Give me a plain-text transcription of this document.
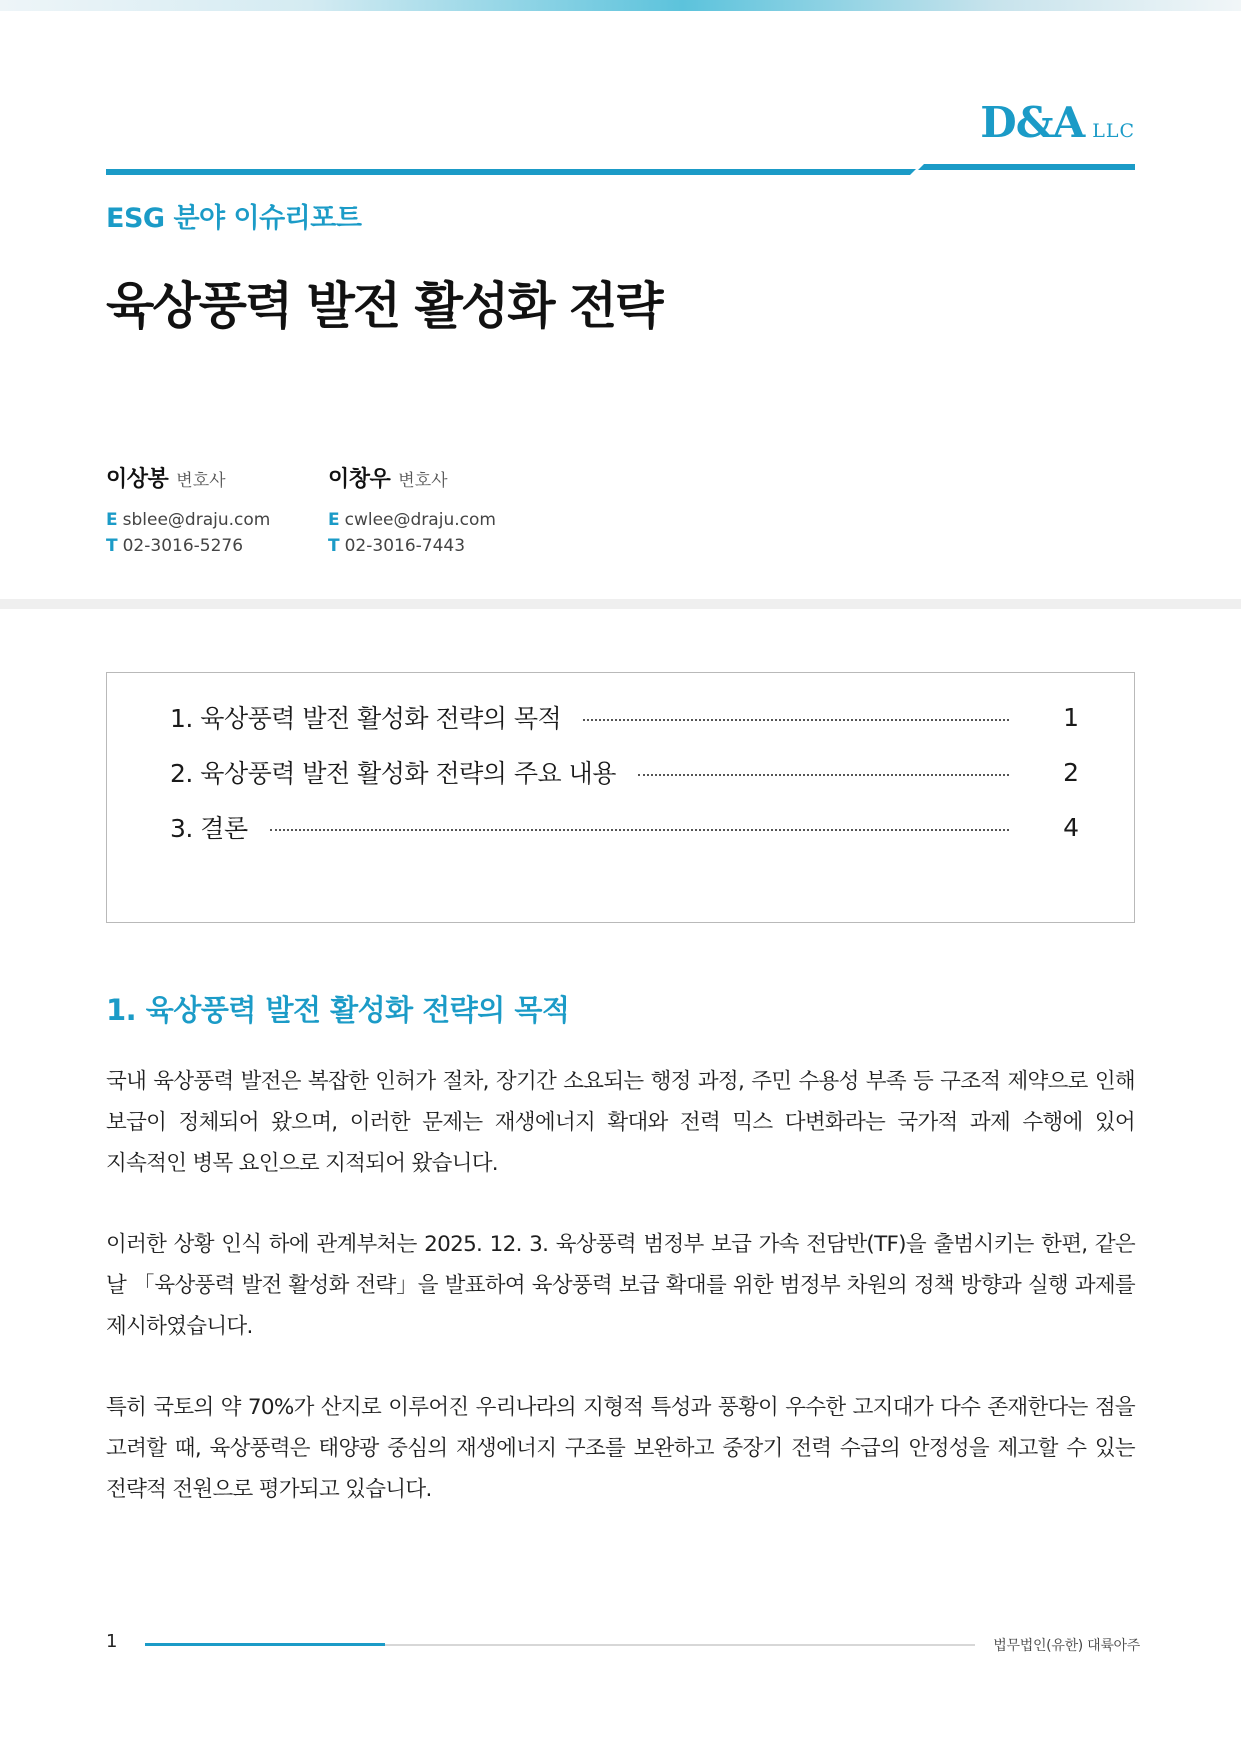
D&A LLC
ESG 분야 이슈리포트
육상풍력 발전 활성화 전략
이상봉 변호사
E sblee@draju.com
T 02-3016-5276
이창우 변호사
E cwlee@draju.com
T 02-3016-7443
1. 육상풍력 발전 활성화 전략의 목적	1
2. 육상풍력 발전 활성화 전략의 주요 내용	2
3. 결론	4
1. 육상풍력 발전 활성화 전략의 목적

국내 육상풍력 발전은 복잡한 인허가 절차, 장기간 소요되는 행정 과정, 주민 수용성 부족 등 구조적 제약으로 인해 보급이 정체되어 왔으며, 이러한 문제는 재생에너지 확대와 전력 믹스 다변화라는 국가적 과제 수행에 있어 지속적인 병목 요인으로 지적되어 왔습니다.

이러한 상황 인식 하에 관계부처는 2025. 12. 3. 육상풍력 범정부 보급 가속 전담반(TF)을 출범시키는 한편, 같은 날 「육상풍력 발전 활성화 전략」을 발표하여 육상풍력 보급 확대를 위한 범정부 차원의 정책 방향과 실행 과제를 제시하였습니다.

특히 국토의 약 70%가 산지로 이루어진 우리나라의 지형적 특성과 풍황이 우수한 고지대가 다수 존재한다는 점을 고려할 때, 육상풍력은 태양광 중심의 재생에너지 구조를 보완하고 중장기 전력 수급의 안정성을 제고할 수 있는 전략적 전원으로 평가되고 있습니다.

1	법무법인(유한) 대륙아주
